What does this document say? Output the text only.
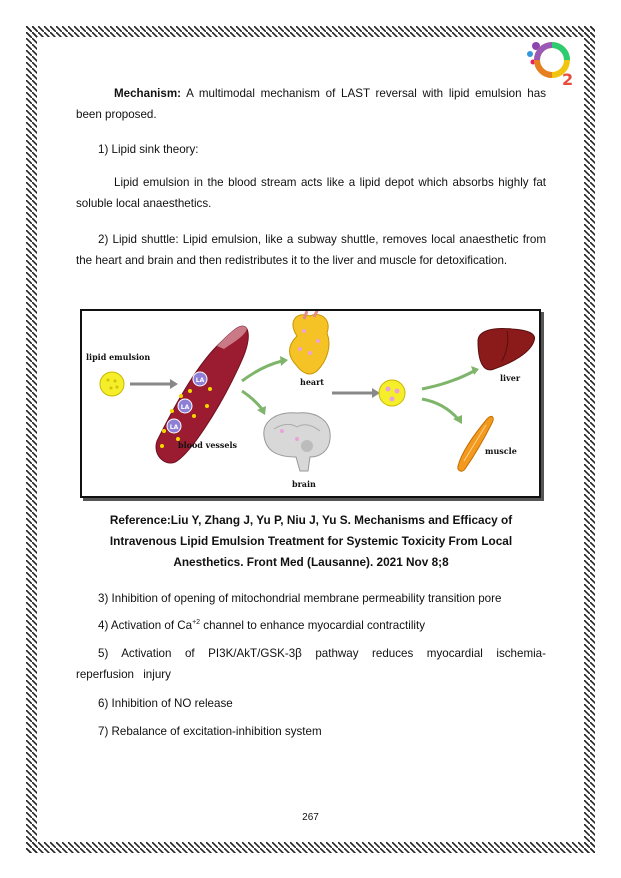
2

Mechanism: A multimodal mechanism of LAST reversal with lipid emulsion has been proposed.

1) Lipid sink theory:

Lipid emulsion in the blood stream acts like a lipid depot which absorbs highly fat soluble local anaesthetics.

2) Lipid shuttle: Lipid emulsion, like a subway shuttle, removes local anaesthetic from the heart and brain and then redistributes it to the liver and muscle for detoxification.

lipid emulsion
LA
LA
LA
blood vessels
heart
brain
liver
muscle
Reference:Liu Y, Zhang J, Yu P, Niu J, Yu S. Mechanisms and Efficacy of Intravenous Lipid Emulsion Treatment for Systemic Toxicity From Local Anesthetics. Front Med (Lausanne). 2021 Nov 8;8

3) Inhibition of opening of mitochondrial membrane permeability transition pore

4) Activation of $Ca^{+2}$ channel to enhance myocardial contractility

5) Activation of PI3K/AkT/GSK-3β pathway reduces myocardial ischemia-reperfusion injury

6) Inhibition of NO release

7) Rebalance of excitation-inhibition system

267
